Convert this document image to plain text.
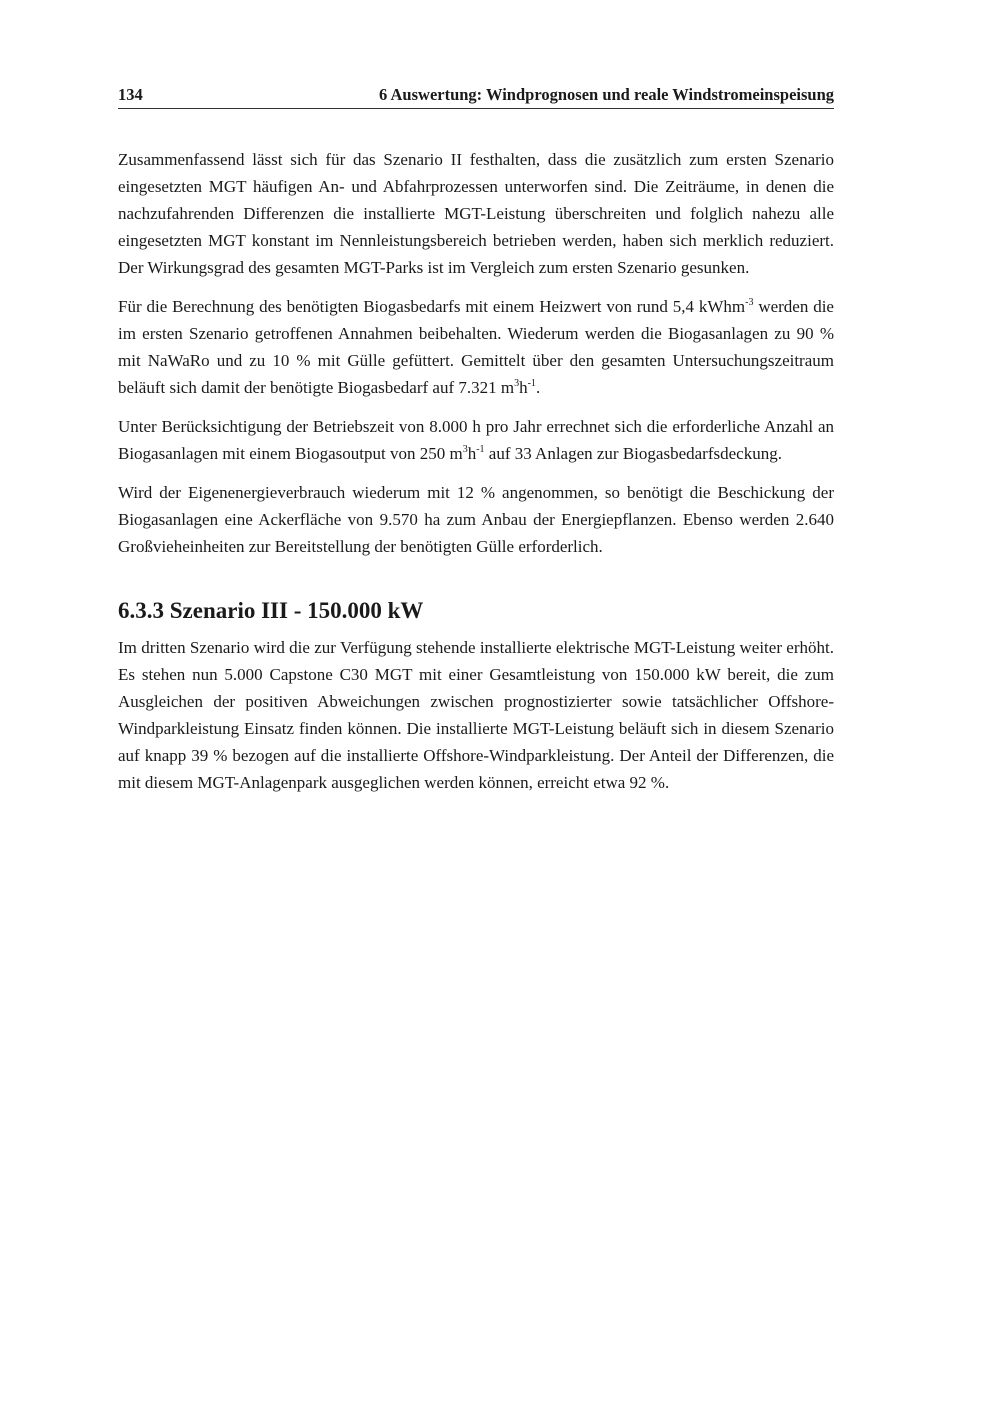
134	6 Auswertung: Windprognosen und reale Windstromeinspeisung

Zusammenfassend lässt sich für das Szenario II festhalten, dass die zusätzlich zum ersten Szenario eingesetzten MGT häufigen An- und Abfahrprozessen unterworfen sind. Die Zeiträume, in denen die nachzufahrenden Differenzen die installierte MGT-Leistung überschreiten und folglich nahezu alle eingesetzten MGT konstant im Nennleistungsbereich betrieben werden, haben sich merklich reduziert. Der Wirkungsgrad des gesamten MGT-Parks ist im Vergleich zum ersten Szenario gesunken.

Für die Berechnung des benötigten Biogasbedarfs mit einem Heizwert von rund 5,4 kWhm$^{-3}$ werden die im ersten Szenario getroffenen Annahmen beibehalten. Wiederum werden die Biogasanlagen zu 90 % mit NaWaRo und zu 10 % mit Gülle gefüttert. Gemittelt über den gesamten Untersuchungszeitraum beläuft sich damit der benötigte Biogasbedarf auf 7.321 $m^3h^{-1}$.

Unter Berücksichtigung der Betriebszeit von 8.000 h pro Jahr errechnet sich die erforderliche Anzahl an Biogasanlagen mit einem Biogasoutput von 250 $m^3h^{-1}$ auf 33 Anlagen zur Biogasbedarfsdeckung.

Wird der Eigenenergieverbrauch wiederum mit 12 % angenommen, so benötigt die Beschickung der Biogasanlagen eine Ackerfläche von 9.570 ha zum Anbau der Energiepflanzen. Ebenso werden 2.640 Großvieheinheiten zur Bereitstellung der benötigten Gülle erforderlich.

6.3.3 Szenario III - 150.000 kW

Im dritten Szenario wird die zur Verfügung stehende installierte elektrische MGT-Leistung weiter erhöht. Es stehen nun 5.000 Capstone C30 MGT mit einer Gesamtleistung von 150.000 kW bereit, die zum Ausgleichen der positiven Abweichungen zwischen prognostizierter sowie tatsächlicher Offshore-Windparkleistung Einsatz finden können. Die installierte MGT-Leistung beläuft sich in diesem Szenario auf knapp 39 % bezogen auf die installierte Offshore-Windparkleistung. Der Anteil der Differenzen, die mit diesem MGT-Anlagenpark ausgeglichen werden können, erreicht etwa 92 %.
